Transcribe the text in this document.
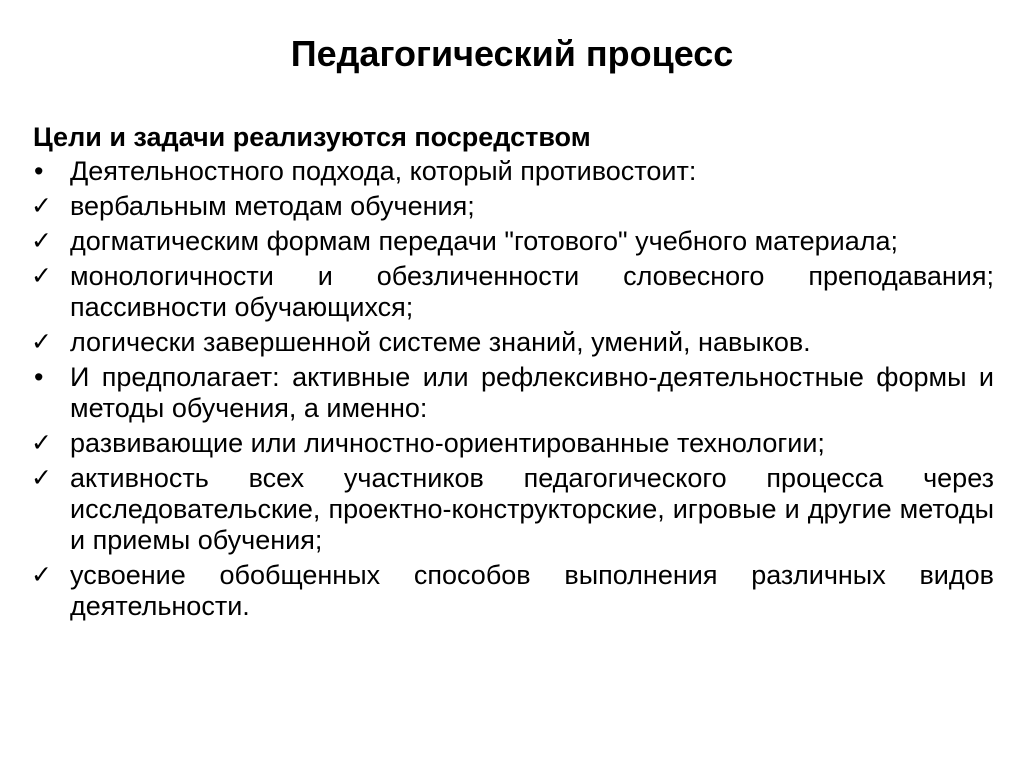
Педагогический процесс
Цели и задачи реализуются посредством
• Деятельностного подхода, который противостоит:
✓ вербальным методам обучения;
✓ догматическим формам передачи "готового" учебного материала;
✓ монологичности и обезличенности словесного преподавания; пассивности обучающихся;
✓ логически завершенной системе знаний, умений, навыков.
• И предполагает: активные или рефлексивно-деятельностные формы и методы обучения, а именно:
✓ развивающие или личностно-ориентированные технологии;
✓ активность всех участников педагогического процесса через исследовательские, проектно-конструкторские, игровые и другие методы и приемы обучения;
✓ усвоение обобщенных способов выполнения различных видов деятельности.
